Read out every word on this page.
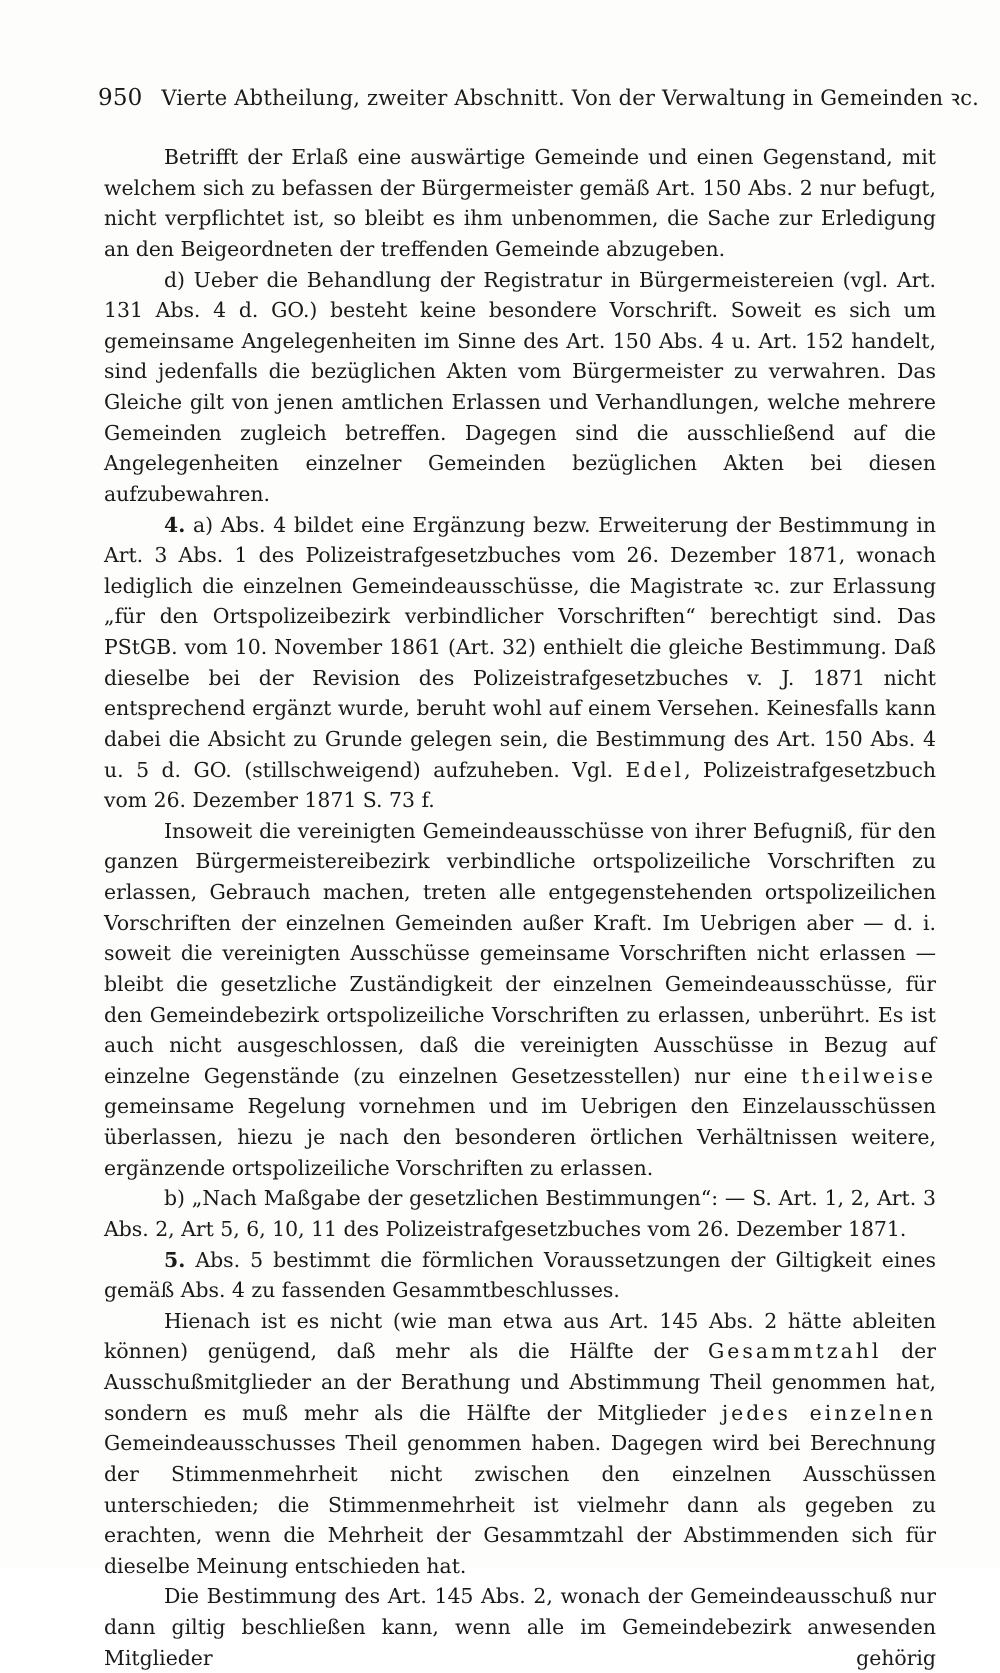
950 Vierte Abtheilung, zweiter Abschnitt. Von der Verwaltung in Gemeinden ꝛc.

Betrifft der Erlaß eine auswärtige Gemeinde und einen Gegenstand, mit welchem sich zu befassen der Bürgermeister gemäß Art. 150 Abs. 2 nur befugt, nicht verpflichtet ist, so bleibt es ihm unbenommen, die Sache zur Erledigung an den Beigeordneten der treffenden Gemeinde abzugeben.

d) Ueber die Behandlung der Registratur in Bürgermeistereien (vgl. Art. 131 Abs. 4 d. GO.) besteht keine besondere Vorschrift. Soweit es sich um gemeinsame Angelegenheiten im Sinne des Art. 150 Abs. 4 u. Art. 152 handelt, sind jedenfalls die bezüglichen Akten vom Bürgermeister zu verwahren. Das Gleiche gilt von jenen amtlichen Erlassen und Verhandlungen, welche mehrere Gemeinden zugleich betreffen. Dagegen sind die ausschließend auf die Angelegenheiten einzelner Gemeinden bezüglichen Akten bei diesen aufzubewahren.

4. a) Abs. 4 bildet eine Ergänzung bezw. Erweiterung der Bestimmung in Art. 3 Abs. 1 des Polizeistrafgesetzbuches vom 26. Dezember 1871, wonach lediglich die einzelnen Gemeindeausschüsse, die Magistrate ꝛc. zur Erlassung „für den Ortspolizeibezirk verbindlicher Vorschriften“ berechtigt sind. Das PStGB. vom 10. November 1861 (Art. 32) enthielt die gleiche Bestimmung. Daß dieselbe bei der Revision des Polizeistrafgesetzbuches v. J. 1871 nicht entsprechend ergänzt wurde, beruht wohl auf einem Versehen. Keinesfalls kann dabei die Absicht zu Grunde gelegen sein, die Bestimmung des Art. 150 Abs. 4 u. 5 d. GO. (stillschweigend) aufzuheben. Vgl. Edel, Polizeistrafgesetzbuch vom 26. Dezember 1871 S. 73 f.

Insoweit die vereinigten Gemeindeausschüsse von ihrer Befugniß, für den ganzen Bürgermeistereibezirk verbindliche ortspolizeiliche Vorschriften zu erlassen, Gebrauch machen, treten alle entgegenstehenden ortspolizeilichen Vorschriften der einzelnen Gemeinden außer Kraft. Im Uebrigen aber — d. i. soweit die vereinigten Ausschüsse gemeinsame Vorschriften nicht erlassen — bleibt die gesetzliche Zuständigkeit der einzelnen Gemeindeausschüsse, für den Gemeindebezirk ortspolizeiliche Vorschriften zu erlassen, unberührt. Es ist auch nicht ausgeschlossen, daß die vereinigten Ausschüsse in Bezug auf einzelne Gegenstände (zu einzelnen Gesetzesstellen) nur eine theilweise gemeinsame Regelung vornehmen und im Uebrigen den Einzelausschüssen überlassen, hiezu je nach den besonderen örtlichen Verhältnissen weitere, ergänzende ortspolizeiliche Vorschriften zu erlassen.

b) „Nach Maßgabe der gesetzlichen Bestimmungen“: — S. Art. 1, 2, Art. 3 Abs. 2, Art 5, 6, 10, 11 des Polizeistrafgesetzbuches vom 26. Dezember 1871.

5. Abs. 5 bestimmt die förmlichen Voraussetzungen der Giltigkeit eines gemäß Abs. 4 zu fassenden Gesammtbeschlusses.

Hienach ist es nicht (wie man etwa aus Art. 145 Abs. 2 hätte ableiten können) genügend, daß mehr als die Hälfte der Gesammtzahl der Ausschußmitglieder an der Berathung und Abstimmung Theil genommen hat, sondern es muß mehr als die Hälfte der Mitglieder jedes einzelnen Gemeindeausschusses Theil genommen haben. Dagegen wird bei Berechnung der Stimmenmehrheit nicht zwischen den einzelnen Ausschüssen unterschieden; die Stimmenmehrheit ist vielmehr dann als gegeben zu erachten, wenn die Mehrheit der Gesammtzahl der Abstimmenden sich für dieselbe Meinung entschieden hat.

Die Bestimmung des Art. 145 Abs. 2, wonach der Gemeindeausschuß nur dann giltig beschließen kann, wenn alle im Gemeindebezirk anwesenden Mitglieder gehörig
